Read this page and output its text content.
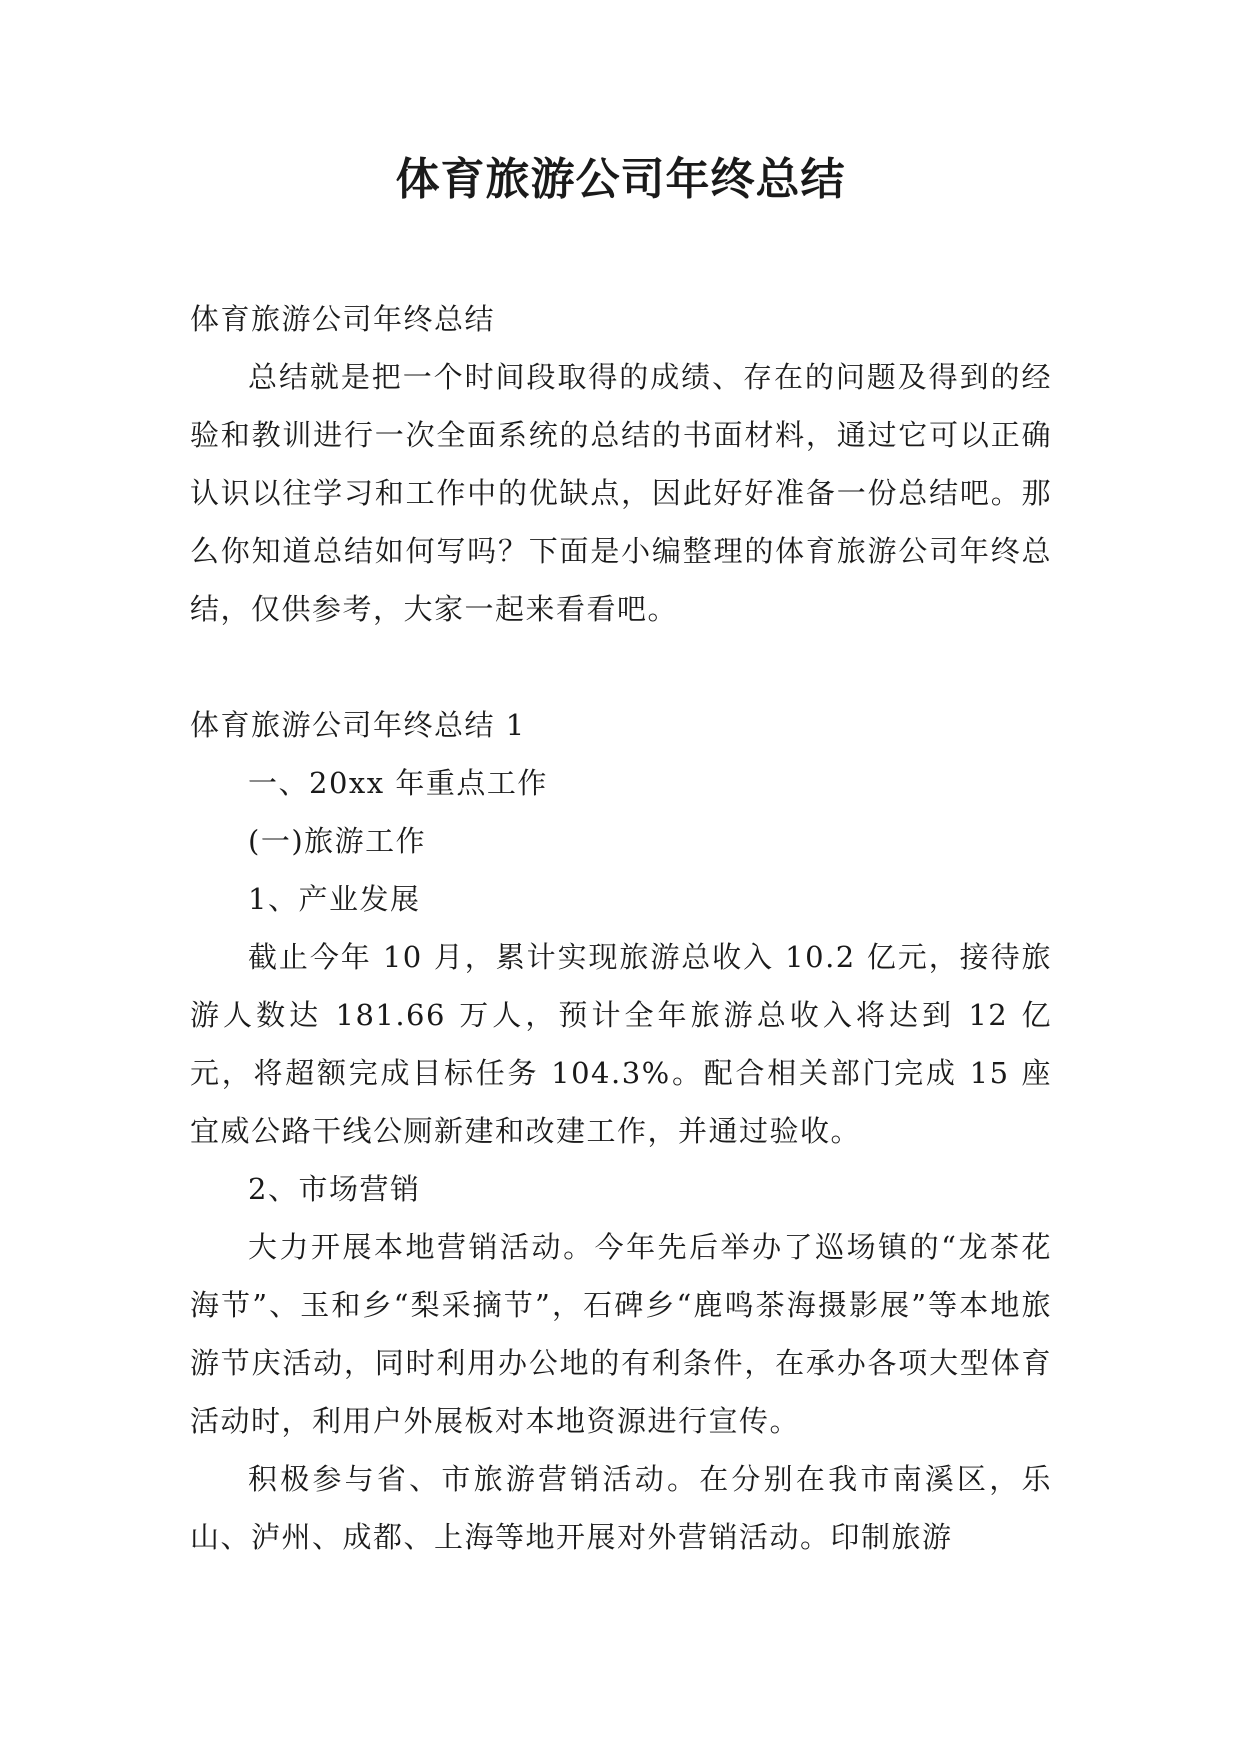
体育旅游公司年终总结

体育旅游公司年终总结

总结就是把一个时间段取得的成绩、存在的问题及得到的经验和教训进行一次全面系统的总结的书面材料，通过它可以正确认识以往学习和工作中的优缺点，因此好好准备一份总结吧。那么你知道总结如何写吗？下面是小编整理的体育旅游公司年终总结，仅供参考，大家一起来看看吧。

体育旅游公司年终总结 1

一、20xx 年重点工作

(一)旅游工作

1、产业发展

截止今年 10 月，累计实现旅游总收入 10.2 亿元，接待旅游人数达 181.66 万人，预计全年旅游总收入将达到 12 亿元，将超额完成目标任务 104.3%。配合相关部门完成 15 座宜威公路干线公厕新建和改建工作，并通过验收。

2、市场营销

大力开展本地营销活动。今年先后举办了巡场镇的“龙茶花海节”、玉和乡“梨采摘节”，石碑乡“鹿鸣茶海摄影展”等本地旅游节庆活动，同时利用办公地的有利条件，在承办各项大型体育活动时，利用户外展板对本地资源进行宣传。

积极参与省、市旅游营销活动。在分别在我市南溪区，乐山、泸州、成都、上海等地开展对外营销活动。印制旅游
